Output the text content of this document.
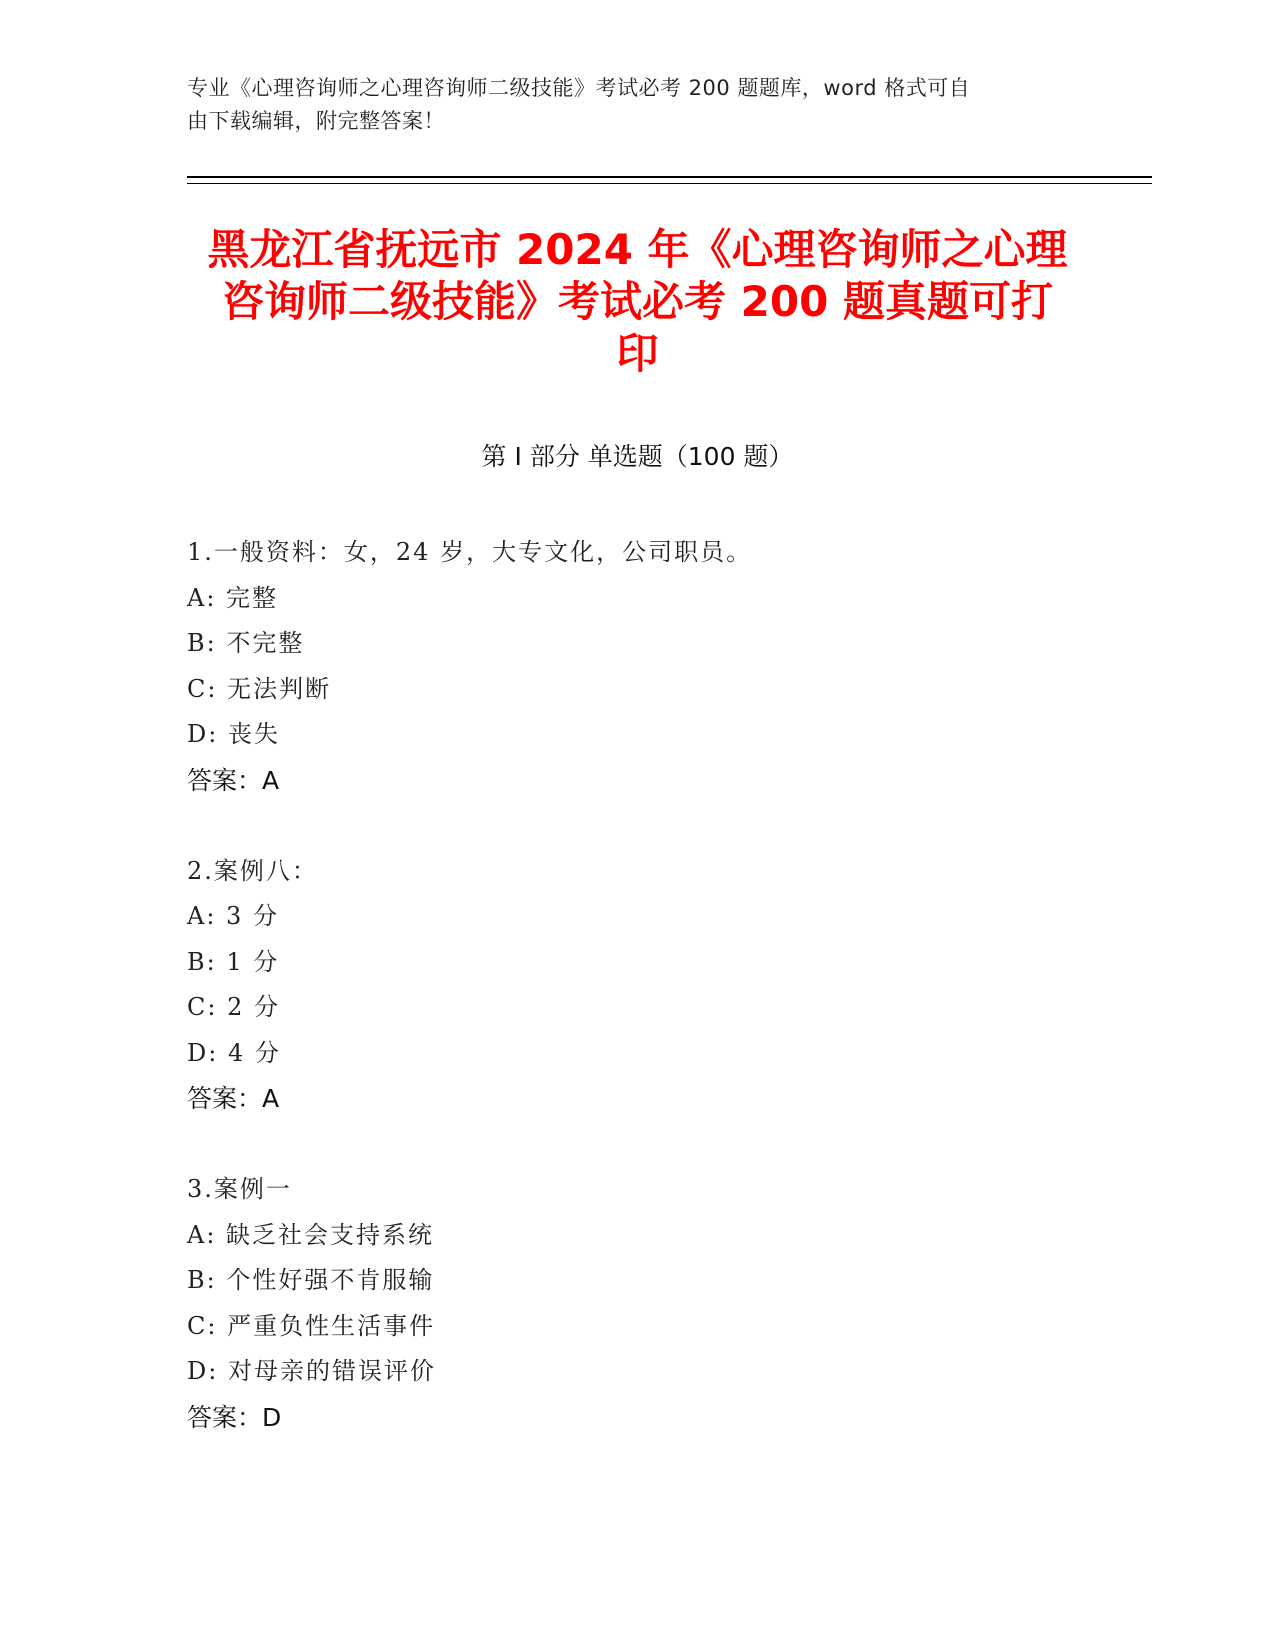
专业《心理咨询师之心理咨询师二级技能》考试必考 200 题题库，word 格式可自
由下载编辑，附完整答案！
黑龙江省抚远市 2024 年《心理咨询师之心理
咨询师二级技能》考试必考 200 题真题可打
印
第 I 部分 单选题（100 题）
1.一般资料：女，24 岁，大专文化，公司职员。
A: 完整
B: 不完整
C: 无法判断
D: 丧失
答案：A
2.案例八：
A: 3 分
B: 1 分
C: 2 分
D: 4 分
答案：A
3.案例一
A: 缺乏社会支持系统
B: 个性好强不肯服输
C: 严重负性生活事件
D: 对母亲的错误评价
答案：D
